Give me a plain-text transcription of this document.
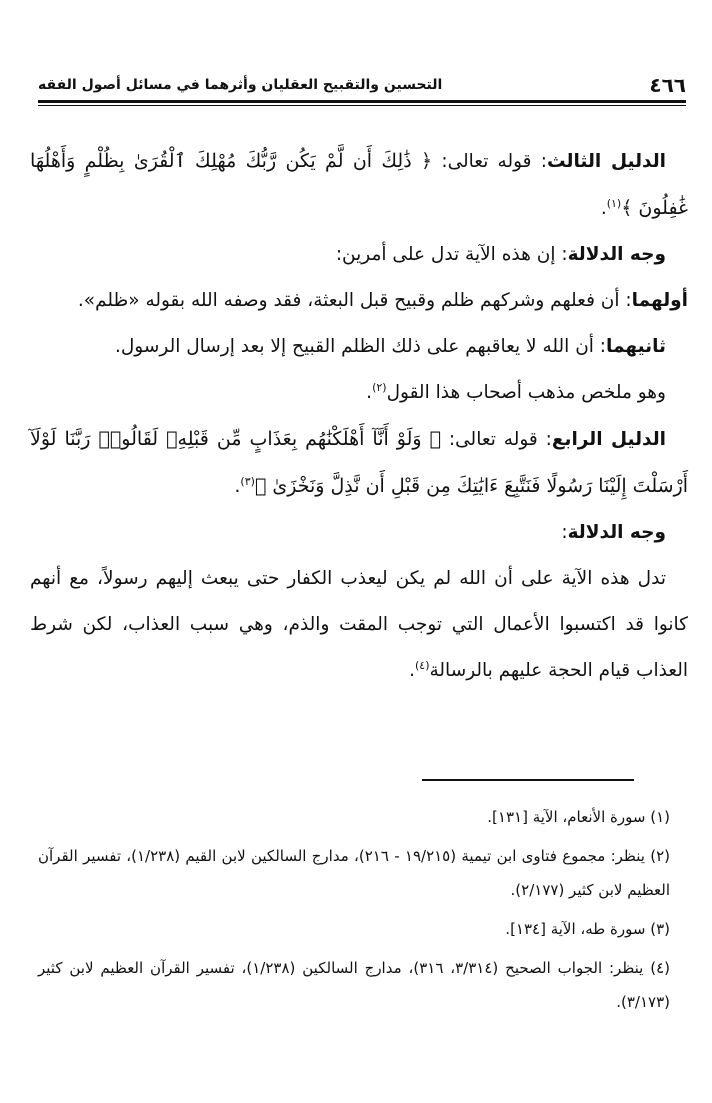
٤٦٦
التحسين والتقبيح العقليان وأثرهما في مسائل أصول الفقه

الدليل الثالث: قوله تعالى: ﴿ ذَٰلِكَ أَن لَّمْ يَكُن رَّبُّكَ مُهْلِكَ ٱلْقُرَىٰ بِظُلْمٍ وَأَهْلُهَا غَٰفِلُونَ ﴾$^{(١)}$.

وجه الدلالة: إن هذه الآية تدل على أمرين:

أولهما: أن فعلهم وشركهم ظلم وقبيح قبل البعثة، فقد وصفه الله بقوله «ظلم».

ثانيهما: أن الله لا يعاقبهم على ذلك الظلم القبيح إلا بعد إرسال الرسول.

وهو ملخص مذهب أصحاب هذا القول$^{(٢)}$.

الدليل الرابع: قوله تعالى: ﴿ وَلَوْ أَنَّآ أَهْلَكْنَٰهُم بِعَذَابٍ مِّن قَبْلِهِۦ لَقَالُوا۟ رَبَّنَا لَوْلَآ أَرْسَلْتَ إِلَيْنَا رَسُولًا فَنَتَّبِعَ ءَايَٰتِكَ مِن قَبْلِ أَن نَّذِلَّ وَنَخْزَىٰ ﴾$^{(٣)}$.

وجه الدلالة:

تدل هذه الآية على أن الله لم يكن ليعذب الكفار حتى يبعث إليهم رسولاً، مع أنهم كانوا قد اكتسبوا الأعمال التي توجب المقت والذم، وهي سبب العذاب، لكن شرط العذاب قيام الحجة عليهم بالرسالة$^{(٤)}$.

(١) سورة الأنعام، الآية [١٣١].

(٢) ينظر: مجموع فتاوى ابن تيمية (١٩/٢١٥ - ٢١٦)، مدارج السالكين لابن القيم (١/٢٣٨)، تفسير القرآن العظيم لابن كثير (٢/١٧٧).

(٣) سورة طه، الآية [١٣٤].

(٤) ينظر: الجواب الصحيح (٣/٣١٤، ٣١٦)، مدارج السالكين (١/٢٣٨)، تفسير القرآن العظيم لابن كثير (٣/١٧٣).
